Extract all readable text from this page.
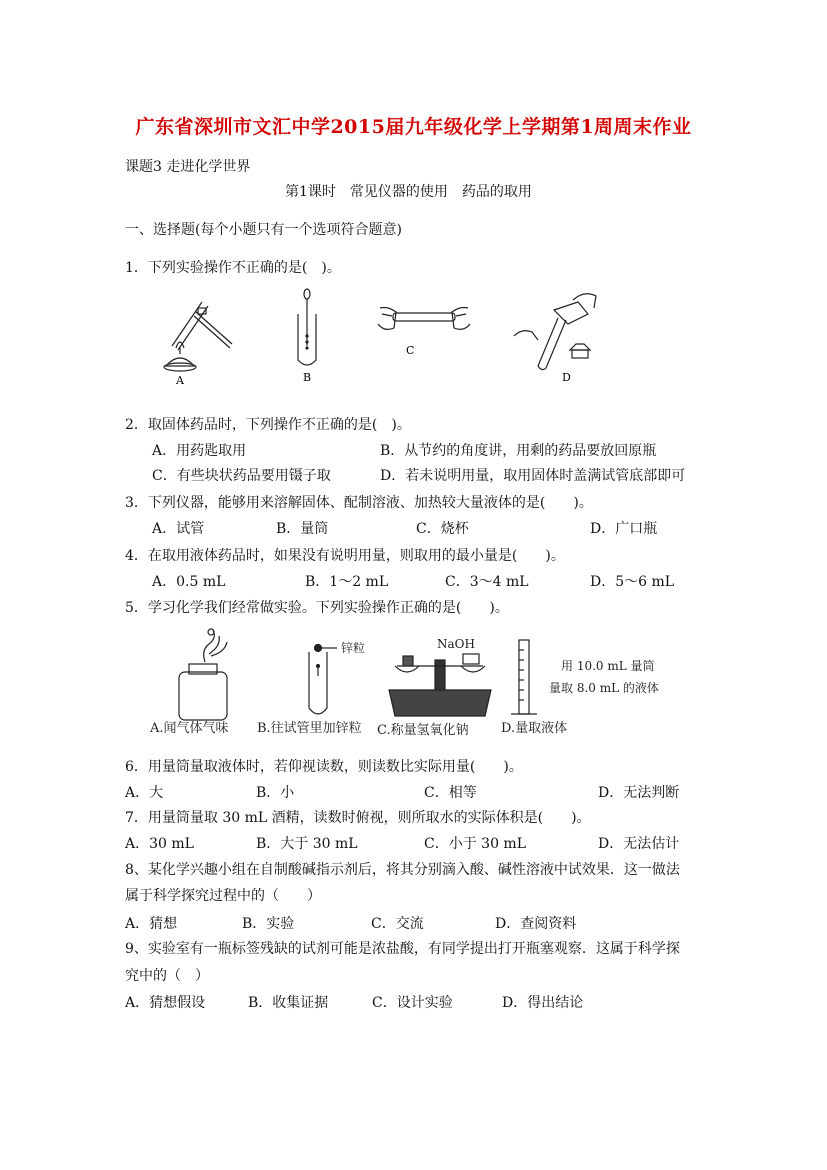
广东省深圳市文汇中学2015届九年级化学上学期第1周周末作业
课题3 走进化学世界
第1课时　常见仪器的使用　药品的取用
一、选择题(每个小题只有一个选项符合题意)
1．下列实验操作不正确的是(　)。
A	B
C
D
2．取固体药品时，下列操作不正确的是(　)。
A．用药匙取用	B．从节约的角度讲，用剩的药品要放回原瓶
C．有些块状药品要用镊子取	D．若未说明用量，取用固体时盖满试管底部即可
3．下列仪器，能够用来溶解固体、配制溶液、加热较大量液体的是(　　)。
A．试管	B．量筒	C．烧杯	D．广口瓶
4．在取用液体药品时，如果没有说明用量，则取用的最小量是(　　)。
A．0.5 mL	B．1～2 mL	C．3～4 mL	D．5～6 mL
5．学习化学我们经常做实验。下列实验操作正确的是(　　)。
A.闻气体气味
锌粒
B.往试管里加锌粒
NaOH
C.称量氢氧化钠
用 10.0 mL 量筒
量取 8.0 mL 的液体
D.量取液体
6．用量筒量取液体时，若仰视读数，则读数比实际用量(　　)。
A．大	B．小	C．相等	D．无法判断
7．用量筒量取 30 mL 酒精，读数时俯视，则所取水的实际体积是(　　)。
A．30 mL	B．大于 30 mL	C．小于 30 mL	D．无法估计
8、某化学兴趣小组在自制酸碱指示剂后，将其分别滴入酸、碱性溶液中试效果．这一做法
属于科学探究过程中的（　　）
A．猜想	B．实验	C．交流	D．查阅资料
9、实验室有一瓶标签残缺的试剂可能是浓盐酸，有同学提出打开瓶塞观察．这属于科学探
究中的（　）
A．猜想假设	B．收集证据	C．设计实验	D．得出结论
